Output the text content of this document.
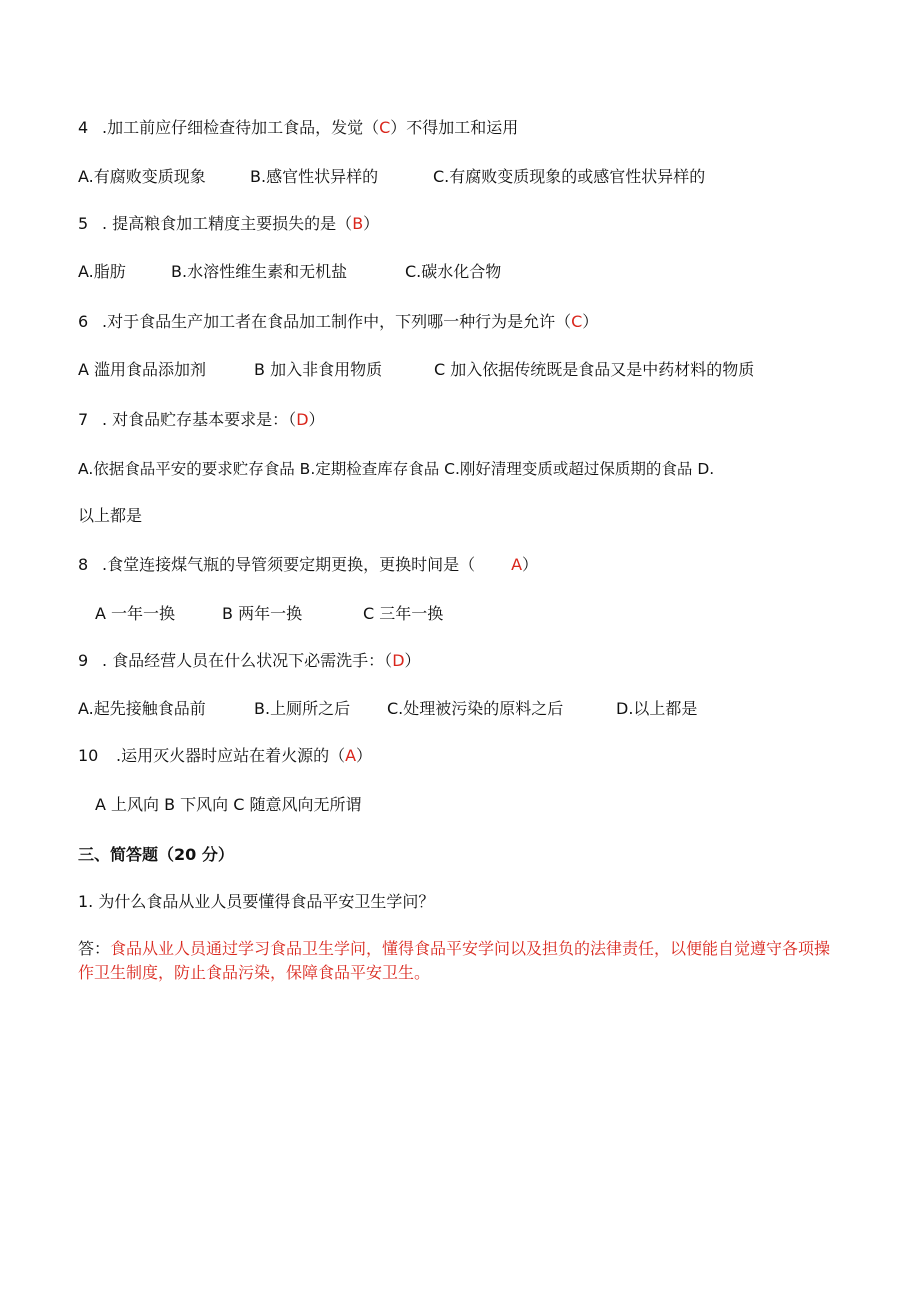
4 .加工前应仔细检查待加工食品，发觉（C）不得加工和运用
A.有腐败变质现象	B.感官性状异样的	C.有腐败变质现象的或感官性状异样的
5 . 提高粮食加工精度主要损失的是（B）
A.脂肪	B.水溶性维生素和无机盐	C.碳水化合物
6 .对于食品生产加工者在食品加工制作中，下列哪一种行为是允许（C）
A 滥用食品添加剂	B 加入非食用物质	C 加入依据传统既是食品又是中药材料的物质
7 . 对食品贮存基本要求是：（D）
A.依据食品平安的要求贮存食品 B.定期检查库存食品 C.刚好清理变质或超过保质期的食品 D.
以上都是
8 .食堂连接煤气瓶的导管须要定期更换，更换时间是（ A）
A 一年一换	B 两年一换	C 三年一换
9 . 食品经营人员在什么状况下必需洗手：（D）
A.起先接触食品前	B.上厕所之后 C.处理被污染的原料之后	D.以上都是
10 .运用灭火器时应站在着火源的（A）
A 上风向 B 下风向 C 随意风向无所谓
三、简答题（20 分）
1. 为什么食品从业人员要懂得食品平安卫生学问？
答：食品从业人员通过学习食品卫生学问，懂得食品平安学问以及担负的法律责任，以便能自觉遵守各项操作卫生制度，防止食品污染，保障食品平安卫生。
